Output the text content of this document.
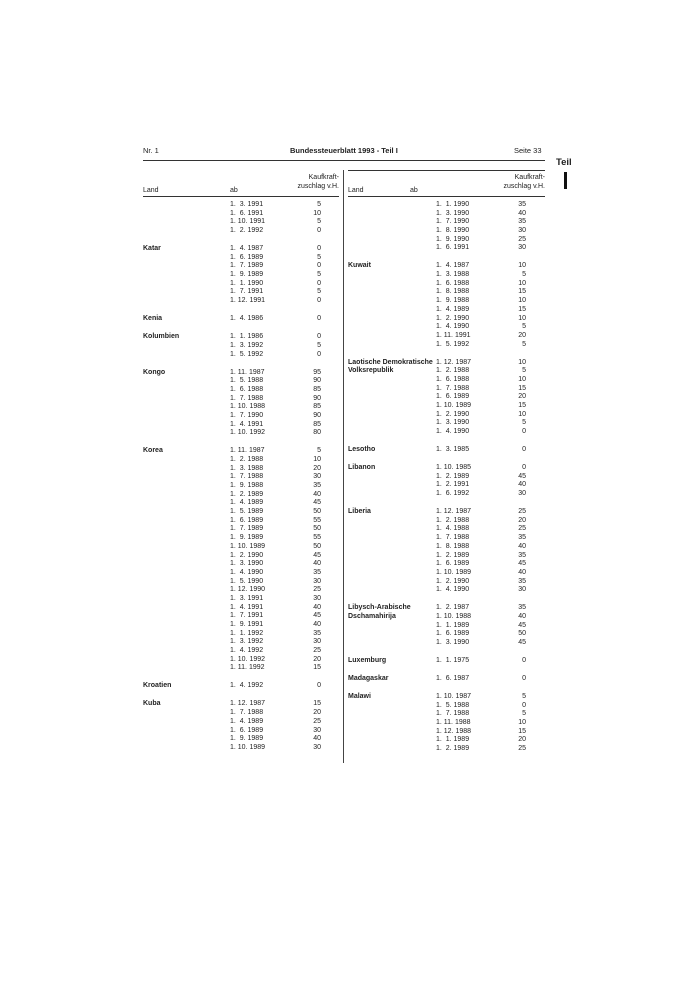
Nr. 1	Bundessteuerblatt 1993 - Teil I	Seite 33
Teil
Land	ab
Kaufkraft-
zuschlag v.H.
1.  3. 1991	5
1.  6. 1991	10
1. 10. 1991	5
1.  2. 1992	0
Katar	1.  4. 1987	0
1.  6. 1989	5
1.  7. 1989	0
1.  9. 1989	5
1.  1. 1990	0
1.  7. 1991	5
1. 12. 1991	0
Kenia	1.  4. 1986	0
Kolumbien	1.  1. 1986	0
1.  3. 1992	5
1.  5. 1992	0
Kongo	1. 11. 1987	95
1.  5. 1988	90
1.  6. 1988	85
1.  7. 1988	90
1. 10. 1988	85
1.  7. 1990	90
1.  4. 1991	85
1. 10. 1992	80
Korea	1. 11. 1987	5
1.  2. 1988	10
1.  3. 1988	20
1.  7. 1988	30
1.  9. 1988	35
1.  2. 1989	40
1.  4. 1989	45
1.  5. 1989	50
1.  6. 1989	55
1.  7. 1989	50
1.  9. 1989	55
1. 10. 1989	50
1.  2. 1990	45
1.  3. 1990	40
1.  4. 1990	35
1.  5. 1990	30
1. 12. 1990	25
1.  3. 1991	30
1.  4. 1991	40
1.  7. 1991	45
1.  9. 1991	40
1.  1. 1992	35
1.  3. 1992	30
1.  4. 1992	25
1. 10. 1992	20
1. 11. 1992	15
Kroatien	1.  4. 1992	0
Kuba	1. 12. 1987	15
1.  7. 1988	20
1.  4. 1989	25
1.  6. 1989	30
1.  9. 1989	40
1. 10. 1989	30
Land	ab
Kaufkraft-
zuschlag v.H.
1.  1. 1990	35
1.  3. 1990	40
1.  7. 1990	35
1.  8. 1990	30
1.  9. 1990	25
1.  6. 1991	30
Kuwait	1.  4. 1987	10
1.  3. 1988	5
1.  6. 1988	10
1.  8. 1988	15
1.  9. 1988	10
1.  4. 1989	15
1.  2. 1990	10
1.  4. 1990	5
1. 11. 1991	20
1.  5. 1992	5
Laotische Demokratische Volksrepublik
1. 12. 1987	10
1.  2. 1988	5
1.  6. 1988	10
1.  7. 1988	15
1.  6. 1989	20
1. 10. 1989	15
1.  2. 1990	10
1.  3. 1990	5
1.  4. 1990	0
Lesotho	1.  3. 1985	0
Libanon	1. 10. 1985	0
1.  2. 1989	45
1.  2. 1991	40
1.  6. 1992	30
Liberia	1. 12. 1987	25
1.  2. 1988	20
1.  4. 1988	25
1.  7. 1988	35
1.  8. 1988	40
1.  2. 1989	35
1.  6. 1989	45
1. 10. 1989	40
1.  2. 1990	35
1.  4. 1990	30
Libysch-Arabische Dschamahirija
1.  2. 1987	35
1. 10. 1988	40
1.  1. 1989	45
1.  6. 1989	50
1.  3. 1990	45
Luxemburg	1.  1. 1975	0
Madagaskar	1.  6. 1987	0
Malawi	1. 10. 1987	5
1.  5. 1988	0
1.  7. 1988	5
1. 11. 1988	10
1. 12. 1988	15
1.  1. 1989	20
1.  2. 1989	25
